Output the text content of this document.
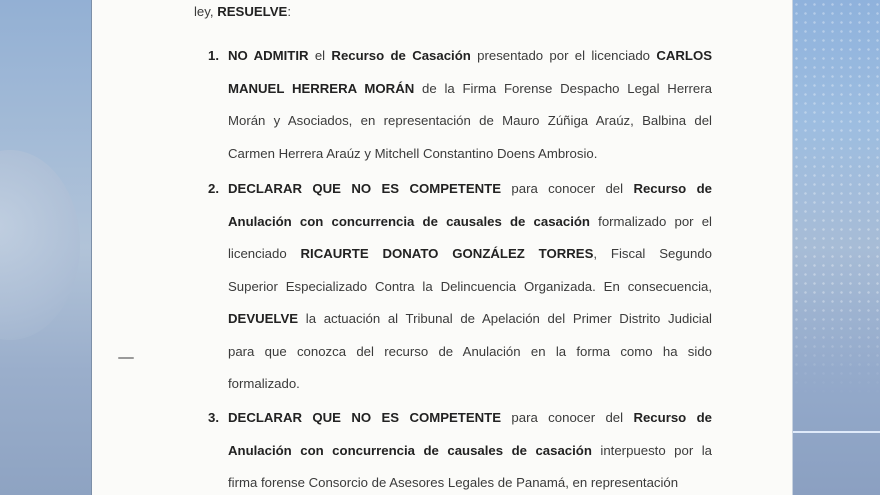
ley, RESUELVE:
1. NO ADMITIR el Recurso de Casación presentado por el licenciado CARLOS
MANUEL HERRERA MORÁN de la Firma Forense Despacho Legal Herrera
Morán y Asociados, en representación de Mauro Zúñiga Araúz, Balbina del
Carmen Herrera Araúz y Mitchell Constantino Doens Ambrosio.
2. DECLARAR QUE NO ES COMPETENTE para conocer del Recurso de
Anulación con concurrencia de causales de casación formalizado por el
licenciado RICAURTE DONATO GONZÁLEZ TORRES, Fiscal Segundo
Superior Especializado Contra la Delincuencia Organizada. En consecuencia,
DEVUELVE la actuación al Tribunal de Apelación del Primer Distrito Judicial
para que conozca del recurso de Anulación en la forma como ha sido
formalizado.
3. DECLARAR QUE NO ES COMPETENTE para conocer del Recurso de
Anulación con concurrencia de causales de casación interpuesto por la
firma forense Consorcio de Asesores Legales de Panamá, en representación
